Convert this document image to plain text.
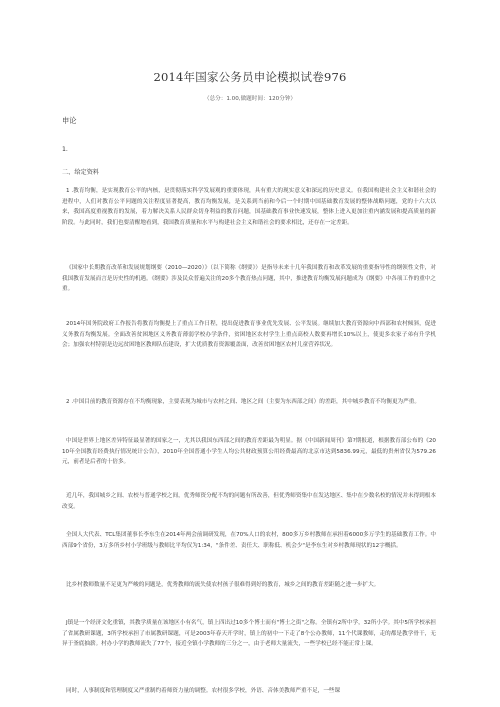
2014年国家公务员申论模拟试卷976
（总分：1.00,做题时间：120分钟）
申论
1.
二、给定资料
1 .教育均衡，是实现教育公平的内核，是贯彻落实科学发展观的重要体现，具有重大的现实意义和深远的历史意义。在我国构建社会主义和谐社会的进程中，人们对教育公平问题的关注程度显著提高，教育均衡发展，是关系到当前和今后一个时期中国基础教育发展的整体战略问题，党的十六大以来，我国高度重视教育的发展，着力解决关系人民群众切身利益的教育问题，国基础教育事业快速发展，整体上进入更加注重内涵发展和提高质量的新阶段。与此同时，我们也要清醒地看到，我国教育质量和水平与构建社会主义和谐社会的要求相比，还存在一定差距。
《国家中长期教育改革和发展规划纲要（2010—2020）》（以下简称《纲要》）是指导未来十几年我国教育和改革发展的重要指导性的纲领性文件，对我国教育发展而言是历史性的机遇。《纲要》涉及民众普遍关注的20多个教育热点问题，其中，推进教育均衡发展问题成为《纲要》中各项工作的重中之重。
2014年国务院政府工作报告将教育均衡提上了重点工作日程，提出促进教育事业优先发展、公平发展。继续加大教育资源向中西部和农村倾斜，促进义务教育均衡发展。全面改善贫困地区义务教育薄弱学校办学条件，贫困地区农村学生上重点高校人数要再增长10%以上，使更多农家子弟有升学机会；加强农村特别是边远贫困地区教师队伍建设，扩大优质教育资源覆盖面，改善贫困地区农村儿童营养状况。
2 .中国目前的教育资源存在不均衡现象，主要表现为城市与农村之间、地区之间（主要为东西部之间）的差距，其中城乡教育不均衡更为严重。
中国是世界上地区差异特征最显著的国家之一，尤其以我国东西部之间的教育差距最为明显。据《中国新闻周刊》第?期报道，根据教育部公布的《2010年全国教育经费执行情况统计公告》，2010年全国普通小学生人均公共财政预算公用经费最高的北京市达到5836.99元，最低的贵州省仅为579.26元，前者是后者的十倍多。
近几年，我国城乡之间、农校与普通学校之间，优秀师资分配不均的问题有所改善，但优秀师资集中在发达地区、集中在少数名校的情况并未得到根本改变。
全国人大代表、TCL集团董事长李东生在2014年两会前调研发现，在70%人口的农村，800多万乡村教师在承担着6000多万学生的基础教育工作。中西部9个省份，3万多所乡村小学班级与教师比平均仅为1:34，"条件差、责任大、职称低、机会少"是李东生对乡村教师现状的12字概括。
比乡村教师数量不足更为严峻的问题是，优秀教师的流失使农村孩子很难得到好的教育，城乡之间的教育差距随之进一步扩大。
J镇是一个经济文化重镇，其教学质量在该地区小有名气，镇上四出过10多个博士而有"博士之街"之称。全镇有2所中学，32所小学。其中5所学校承担了省属教研课题，3所学校承担了市属教研课题，可是2003年春天开学时，镇上的初中一下走了8个公办教师，11个代课教师，走的都是教学骨干，无异于釜底抽薪。村办小学的教师流失了77个，接近全镇小学教师的三分之一，由于老师大量流失，一些学校已经不能正常上课。
同时，人事制度和管理制度又严重制约着师资力量的调整。农村很多学校，外语、音体美教师严重不足，一些课
